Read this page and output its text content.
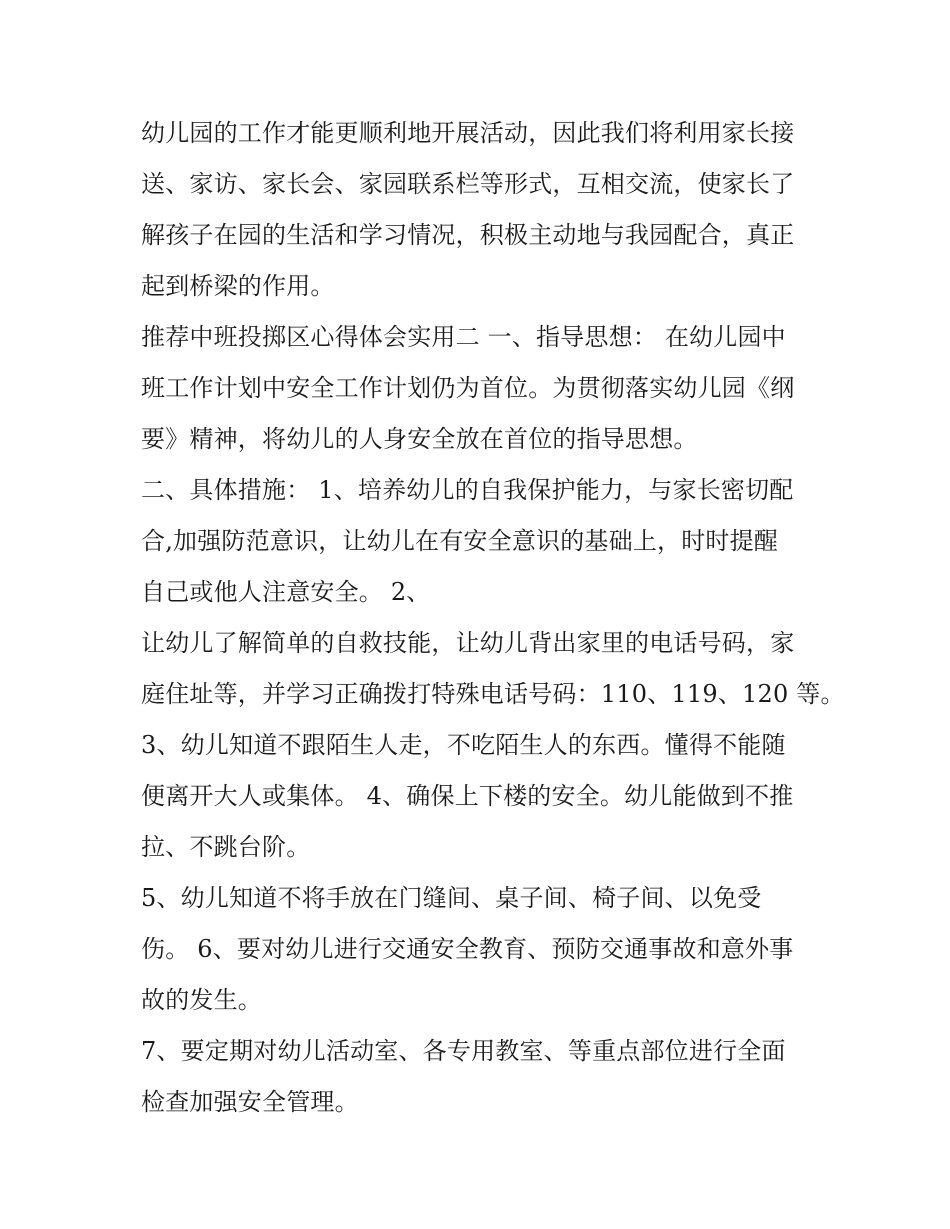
幼儿园的工作才能更顺利地开展活动，因此我们将利用家长接
送、家访、家长会、家园联系栏等形式，互相交流，使家长了
解孩子在园的生活和学习情况，积极主动地与我园配合，真正
起到桥梁的作用。
推荐中班投掷区心得体会实用二 一、指导思想： 在幼儿园中
班工作计划中安全工作计划仍为首位。为贯彻落实幼儿园《纲
要》精神，将幼儿的人身安全放在首位的指导思想。
二、具体措施： 1、培养幼儿的自我保护能力，与家长密切配
合,加强防范意识，让幼儿在有安全意识的基础上，时时提醒
自己或他人注意安全。 2、
让幼儿了解简单的自救技能，让幼儿背出家里的电话号码，家
庭住址等，并学习正确拨打特殊电话号码：110、119、120 等。
3、幼儿知道不跟陌生人走，不吃陌生人的东西。懂得不能随
便离开大人或集体。 4、确保上下楼的安全。幼儿能做到不推
拉、不跳台阶。
5、幼儿知道不将手放在门缝间、桌子间、椅子间、以免受
伤。 6、要对幼儿进行交通安全教育、预防交通事故和意外事
故的发生。
7、要定期对幼儿活动室、各专用教室、等重点部位进行全面
检查加强安全管理。
